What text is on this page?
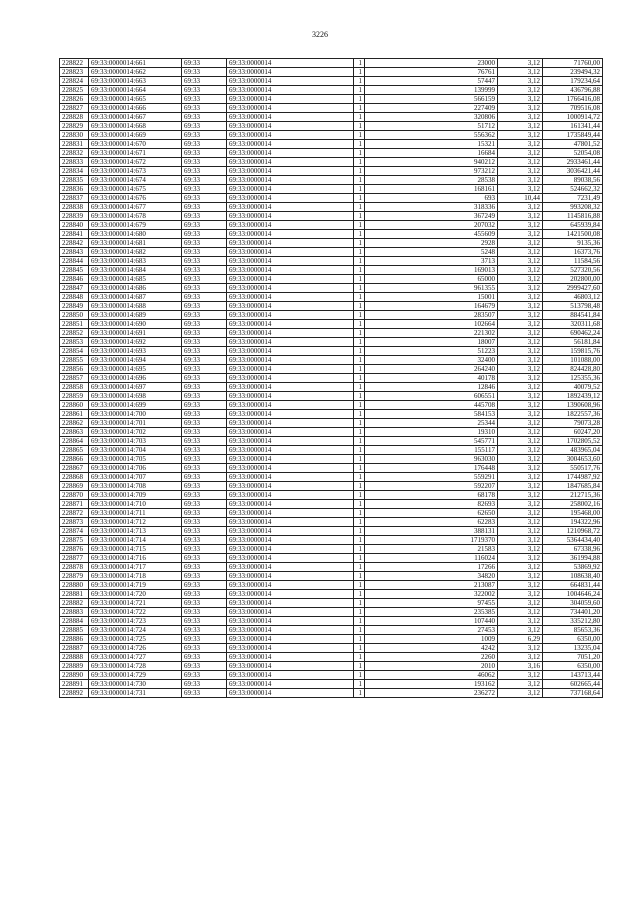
3226
228822	69:33:0000014:661	69:33	69:33:0000014	1	23000	3,12	71760,00
228823	69:33:0000014:662	69:33	69:33:0000014	1	76761	3,12	239494,32
228824	69:33:0000014:663	69:33	69:33:0000014	1	57447	3,12	179234,64
228825	69:33:0000014:664	69:33	69:33:0000014	1	139999	3,12	436796,88
228826	69:33:0000014:665	69:33	69:33:0000014	1	566159	3,12	1766416,08
228827	69:33:0000014:666	69:33	69:33:0000014	1	227409	3,12	709516,08
228828	69:33:0000014:667	69:33	69:33:0000014	1	320806	3,12	1000914,72
228829	69:33:0000014:668	69:33	69:33:0000014	1	51712	3,12	161341,44
228830	69:33:0000014:669	69:33	69:33:0000014	1	556362	3,12	1735849,44
228831	69:33:0000014:670	69:33	69:33:0000014	1	15321	3,12	47801,52
228832	69:33:0000014:671	69:33	69:33:0000014	1	16684	3,12	52054,08
228833	69:33:0000014:672	69:33	69:33:0000014	1	940212	3,12	2933461,44
228834	69:33:0000014:673	69:33	69:33:0000014	1	973212	3,12	3036421,44
228835	69:33:0000014:674	69:33	69:33:0000014	1	28538	3,12	89038,56
228836	69:33:0000014:675	69:33	69:33:0000014	1	168161	3,12	524662,32
228837	69:33:0000014:676	69:33	69:33:0000014	1	693	10,44	7231,49
228838	69:33:0000014:677	69:33	69:33:0000014	1	318336	3,12	993208,32
228839	69:33:0000014:678	69:33	69:33:0000014	1	367249	3,12	1145816,88
228840	69:33:0000014:679	69:33	69:33:0000014	1	207032	3,12	645939,84
228841	69:33:0000014:680	69:33	69:33:0000014	1	455609	3,12	1421500,08
228842	69:33:0000014:681	69:33	69:33:0000014	1	2928	3,12	9135,36
228843	69:33:0000014:682	69:33	69:33:0000014	1	5248	3,12	16373,76
228844	69:33:0000014:683	69:33	69:33:0000014	1	3713	3,12	11584,56
228845	69:33:0000014:684	69:33	69:33:0000014	1	169013	3,12	527320,56
228846	69:33:0000014:685	69:33	69:33:0000014	1	65000	3,12	202800,00
228847	69:33:0000014:686	69:33	69:33:0000014	1	961355	3,12	2999427,60
228848	69:33:0000014:687	69:33	69:33:0000014	1	15001	3,12	46803,12
228849	69:33:0000014:688	69:33	69:33:0000014	1	164679	3,12	513798,48
228850	69:33:0000014:689	69:33	69:33:0000014	1	283507	3,12	884541,84
228851	69:33:0000014:690	69:33	69:33:0000014	1	102664	3,12	320311,68
228852	69:33:0000014:691	69:33	69:33:0000014	1	221302	3,12	690462,24
228853	69:33:0000014:692	69:33	69:33:0000014	1	18007	3,12	56181,84
228854	69:33:0000014:693	69:33	69:33:0000014	1	51223	3,12	159815,76
228855	69:33:0000014:694	69:33	69:33:0000014	1	32400	3,12	101088,00
228856	69:33:0000014:695	69:33	69:33:0000014	1	264240	3,12	824428,80
228857	69:33:0000014:696	69:33	69:33:0000014	1	40178	3,12	125355,36
228858	69:33:0000014:697	69:33	69:33:0000014	1	12846	3,12	40079,52
228859	69:33:0000014:698	69:33	69:33:0000014	1	606551	3,12	1892439,12
228860	69:33:0000014:699	69:33	69:33:0000014	1	445708	3,12	1390608,96
228861	69:33:0000014:700	69:33	69:33:0000014	1	584153	3,12	1822557,36
228862	69:33:0000014:701	69:33	69:33:0000014	1	25344	3,12	79073,28
228863	69:33:0000014:702	69:33	69:33:0000014	1	19310	3,12	60247,20
228864	69:33:0000014:703	69:33	69:33:0000014	1	545771	3,12	1702805,52
228865	69:33:0000014:704	69:33	69:33:0000014	1	155117	3,12	483965,04
228866	69:33:0000014:705	69:33	69:33:0000014	1	963030	3,12	3004653,60
228867	69:33:0000014:706	69:33	69:33:0000014	1	176448	3,12	550517,76
228868	69:33:0000014:707	69:33	69:33:0000014	1	559291	3,12	1744987,92
228869	69:33:0000014:708	69:33	69:33:0000014	1	592207	3,12	1847685,84
228870	69:33:0000014:709	69:33	69:33:0000014	1	68178	3,12	212715,36
228871	69:33:0000014:710	69:33	69:33:0000014	1	82693	3,12	258002,16
228872	69:33:0000014:711	69:33	69:33:0000014	1	62650	3,12	195468,00
228873	69:33:0000014:712	69:33	69:33:0000014	1	62283	3,12	194322,96
228874	69:33:0000014:713	69:33	69:33:0000014	1	388131	3,12	1210968,72
228875	69:33:0000014:714	69:33	69:33:0000014	1	1719370	3,12	5364434,40
228876	69:33:0000014:715	69:33	69:33:0000014	1	21583	3,12	67338,96
228877	69:33:0000014:716	69:33	69:33:0000014	1	116024	3,12	361994,88
228878	69:33:0000014:717	69:33	69:33:0000014	1	17266	3,12	53869,92
228879	69:33:0000014:718	69:33	69:33:0000014	1	34820	3,12	108638,40
228880	69:33:0000014:719	69:33	69:33:0000014	1	213087	3,12	664831,44
228881	69:33:0000014:720	69:33	69:33:0000014	1	322002	3,12	1004646,24
228882	69:33:0000014:721	69:33	69:33:0000014	1	97455	3,12	304059,60
228883	69:33:0000014:722	69:33	69:33:0000014	1	235385	3,12	734401,20
228884	69:33:0000014:723	69:33	69:33:0000014	1	107440	3,12	335212,80
228885	69:33:0000014:724	69:33	69:33:0000014	1	27453	3,12	85653,36
228886	69:33:0000014:725	69:33	69:33:0000014	1	1009	6,29	6350,00
228887	69:33:0000014:726	69:33	69:33:0000014	1	4242	3,12	13235,04
228888	69:33:0000014:727	69:33	69:33:0000014	1	2260	3,12	7051,20
228889	69:33:0000014:728	69:33	69:33:0000014	1	2010	3,16	6350,00
228890	69:33:0000014:729	69:33	69:33:0000014	1	46062	3,12	143713,44
228891	69:33:0000014:730	69:33	69:33:0000014	1	193162	3,12	602665,44
228892	69:33:0000014:731	69:33	69:33:0000014	1	236272	3,12	737168,64
